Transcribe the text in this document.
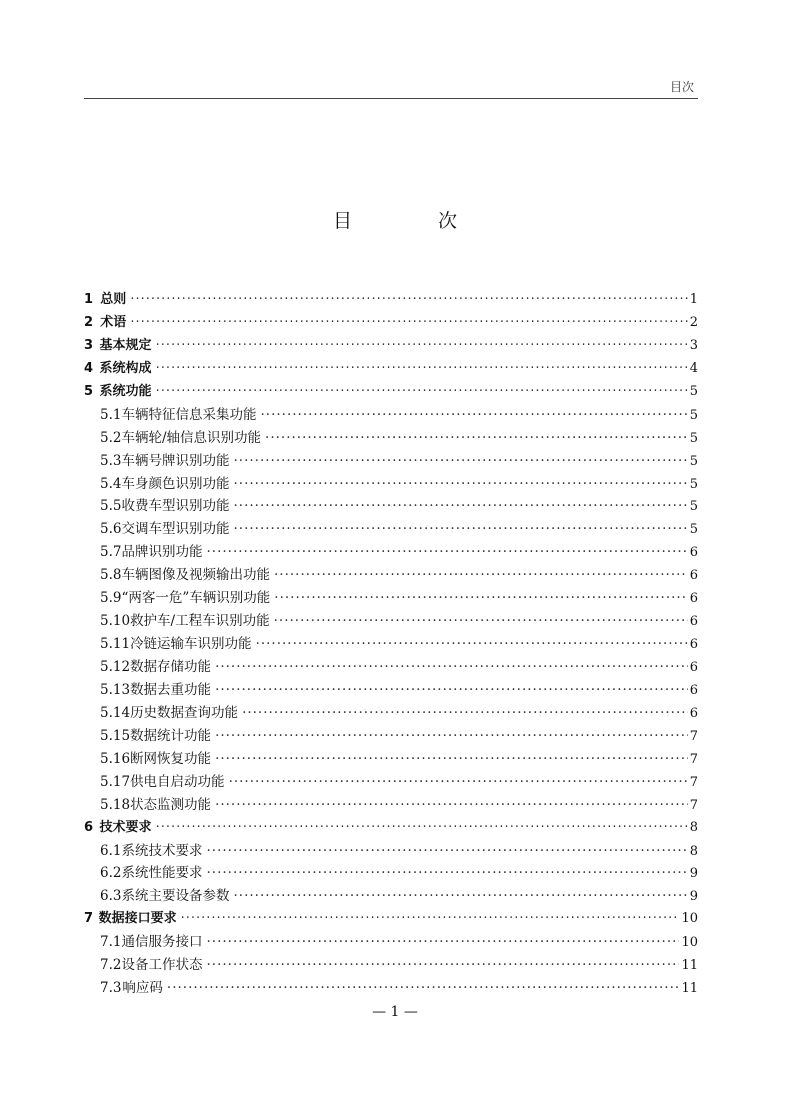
目次
目 次
1 总则 ·····	1
2 术语 ·····	2
3 基本规定 ·····	3
4 系统构成 ·····	4
5 系统功能 ·····	5
5.1 车辆特征信息采集功能 ·····	5
5.2 车辆轮/轴信息识别功能 ·····	5
5.3 车辆号牌识别功能 ·····	5
5.4 车身颜色识别功能 ·····	5
5.5 收费车型识别功能 ·····	5
5.6 交调车型识别功能 ·····	5
5.7 品牌识别功能 ·····	6
5.8 车辆图像及视频输出功能 ·····	6
5.9 “两客一危”车辆识别功能 ·····	6
5.10 救护车/工程车识别功能 ·····	6
5.11 冷链运输车识别功能 ·····	6
5.12 数据存储功能 ·····	6
5.13 数据去重功能 ·····	6
5.14 历史数据查询功能 ·····	6
5.15 数据统计功能 ·····	7
5.16 断网恢复功能 ·····	7
5.17 供电自启动功能 ·····	7
5.18 状态监测功能 ·····	7
6 技术要求 ·····	8
6.1 系统技术要求 ·····	8
6.2 系统性能要求 ·····	9
6.3 系统主要设备参数 ·····	9
7 数据接口要求 ·····	10
7.1 通信服务接口 ·····	10
7.2 设备工作状态 ·····	11
7.3 响应码 ·····	11
— 1 —
